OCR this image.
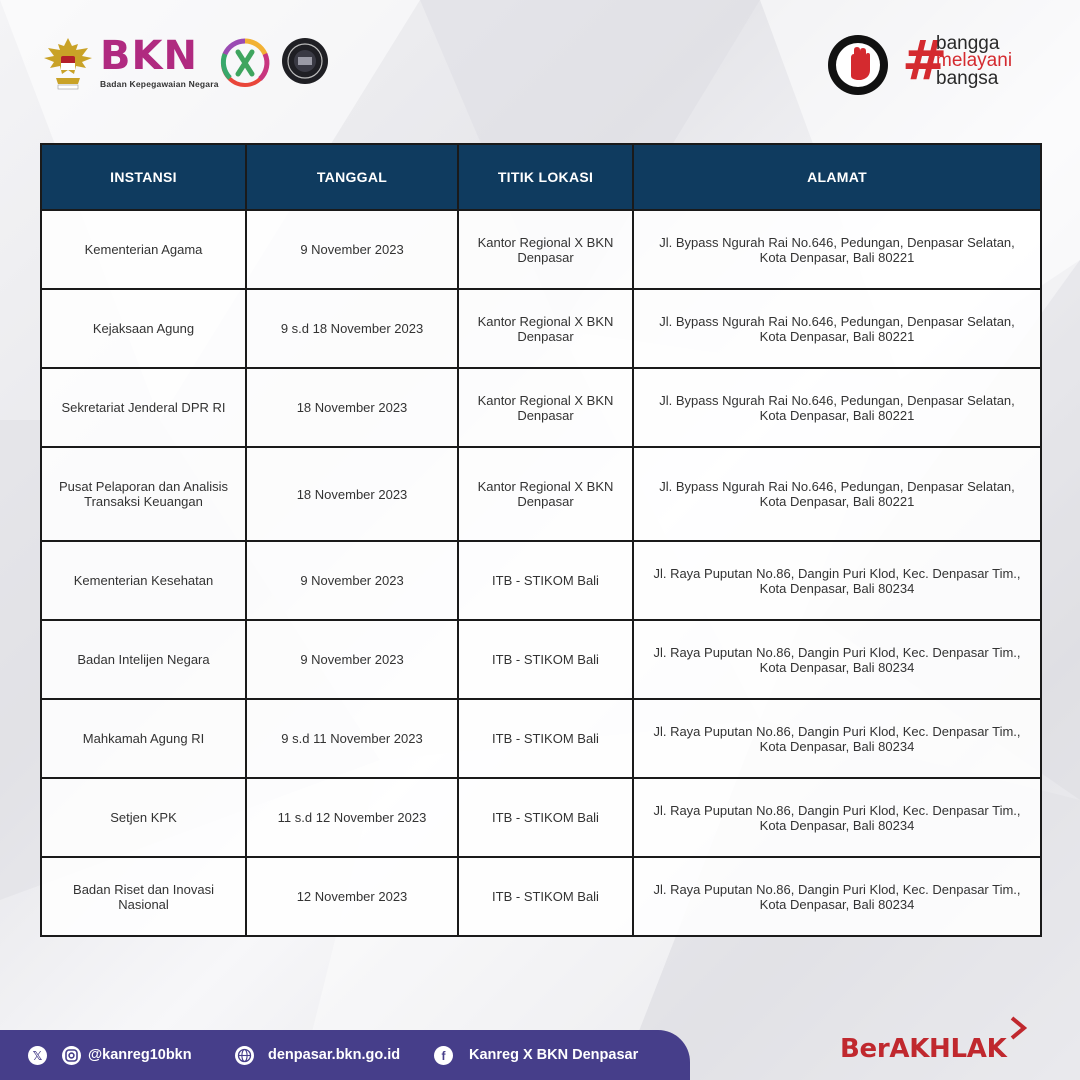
BKN
Badan Kepegawaian Negara	#
bangga
melayani
bangsa
INSTANSI	TANGGAL	TITIK LOKASI	ALAMAT
Kementerian Agama	9 November 2023	Kantor Regional X BKN Denpasar	Jl. Bypass Ngurah Rai No.646, Pedungan, Denpasar Selatan, Kota Denpasar, Bali 80221
Kejaksaan Agung	9 s.d 18 November 2023	Kantor Regional X BKN Denpasar	Jl. Bypass Ngurah Rai No.646, Pedungan, Denpasar Selatan, Kota Denpasar, Bali 80221
Sekretariat Jenderal DPR RI	18 November 2023	Kantor Regional X BKN Denpasar	Jl. Bypass Ngurah Rai No.646, Pedungan, Denpasar Selatan, Kota Denpasar, Bali 80221
Pusat Pelaporan dan Analisis Transaksi Keuangan	18 November 2023	Kantor Regional X BKN Denpasar	Jl. Bypass Ngurah Rai No.646, Pedungan, Denpasar Selatan, Kota Denpasar, Bali 80221
Kementerian Kesehatan	9 November 2023	ITB - STIKOM Bali	Jl. Raya Puputan No.86, Dangin Puri Klod, Kec. Denpasar Tim., Kota Denpasar, Bali 80234
Badan Intelijen Negara	9 November 2023	ITB - STIKOM Bali	Jl. Raya Puputan No.86, Dangin Puri Klod, Kec. Denpasar Tim., Kota Denpasar, Bali 80234
Mahkamah Agung RI	9 s.d 11 November 2023	ITB - STIKOM Bali	Jl. Raya Puputan No.86, Dangin Puri Klod, Kec. Denpasar Tim., Kota Denpasar, Bali 80234
Setjen KPK	11 s.d 12 November 2023	ITB - STIKOM Bali	Jl. Raya Puputan No.86, Dangin Puri Klod, Kec. Denpasar Tim., Kota Denpasar, Bali 80234
Badan Riset dan Inovasi Nasional	12 November 2023	ITB - STIKOM Bali	Jl. Raya Puputan No.86, Dangin Puri Klod, Kec. Denpasar Tim., Kota Denpasar, Bali 80234
𝕏	@kanreg10bkn	denpasar.bkn.go.id	f	Kanreg X BKN Denpasar	BerAKHLAK
